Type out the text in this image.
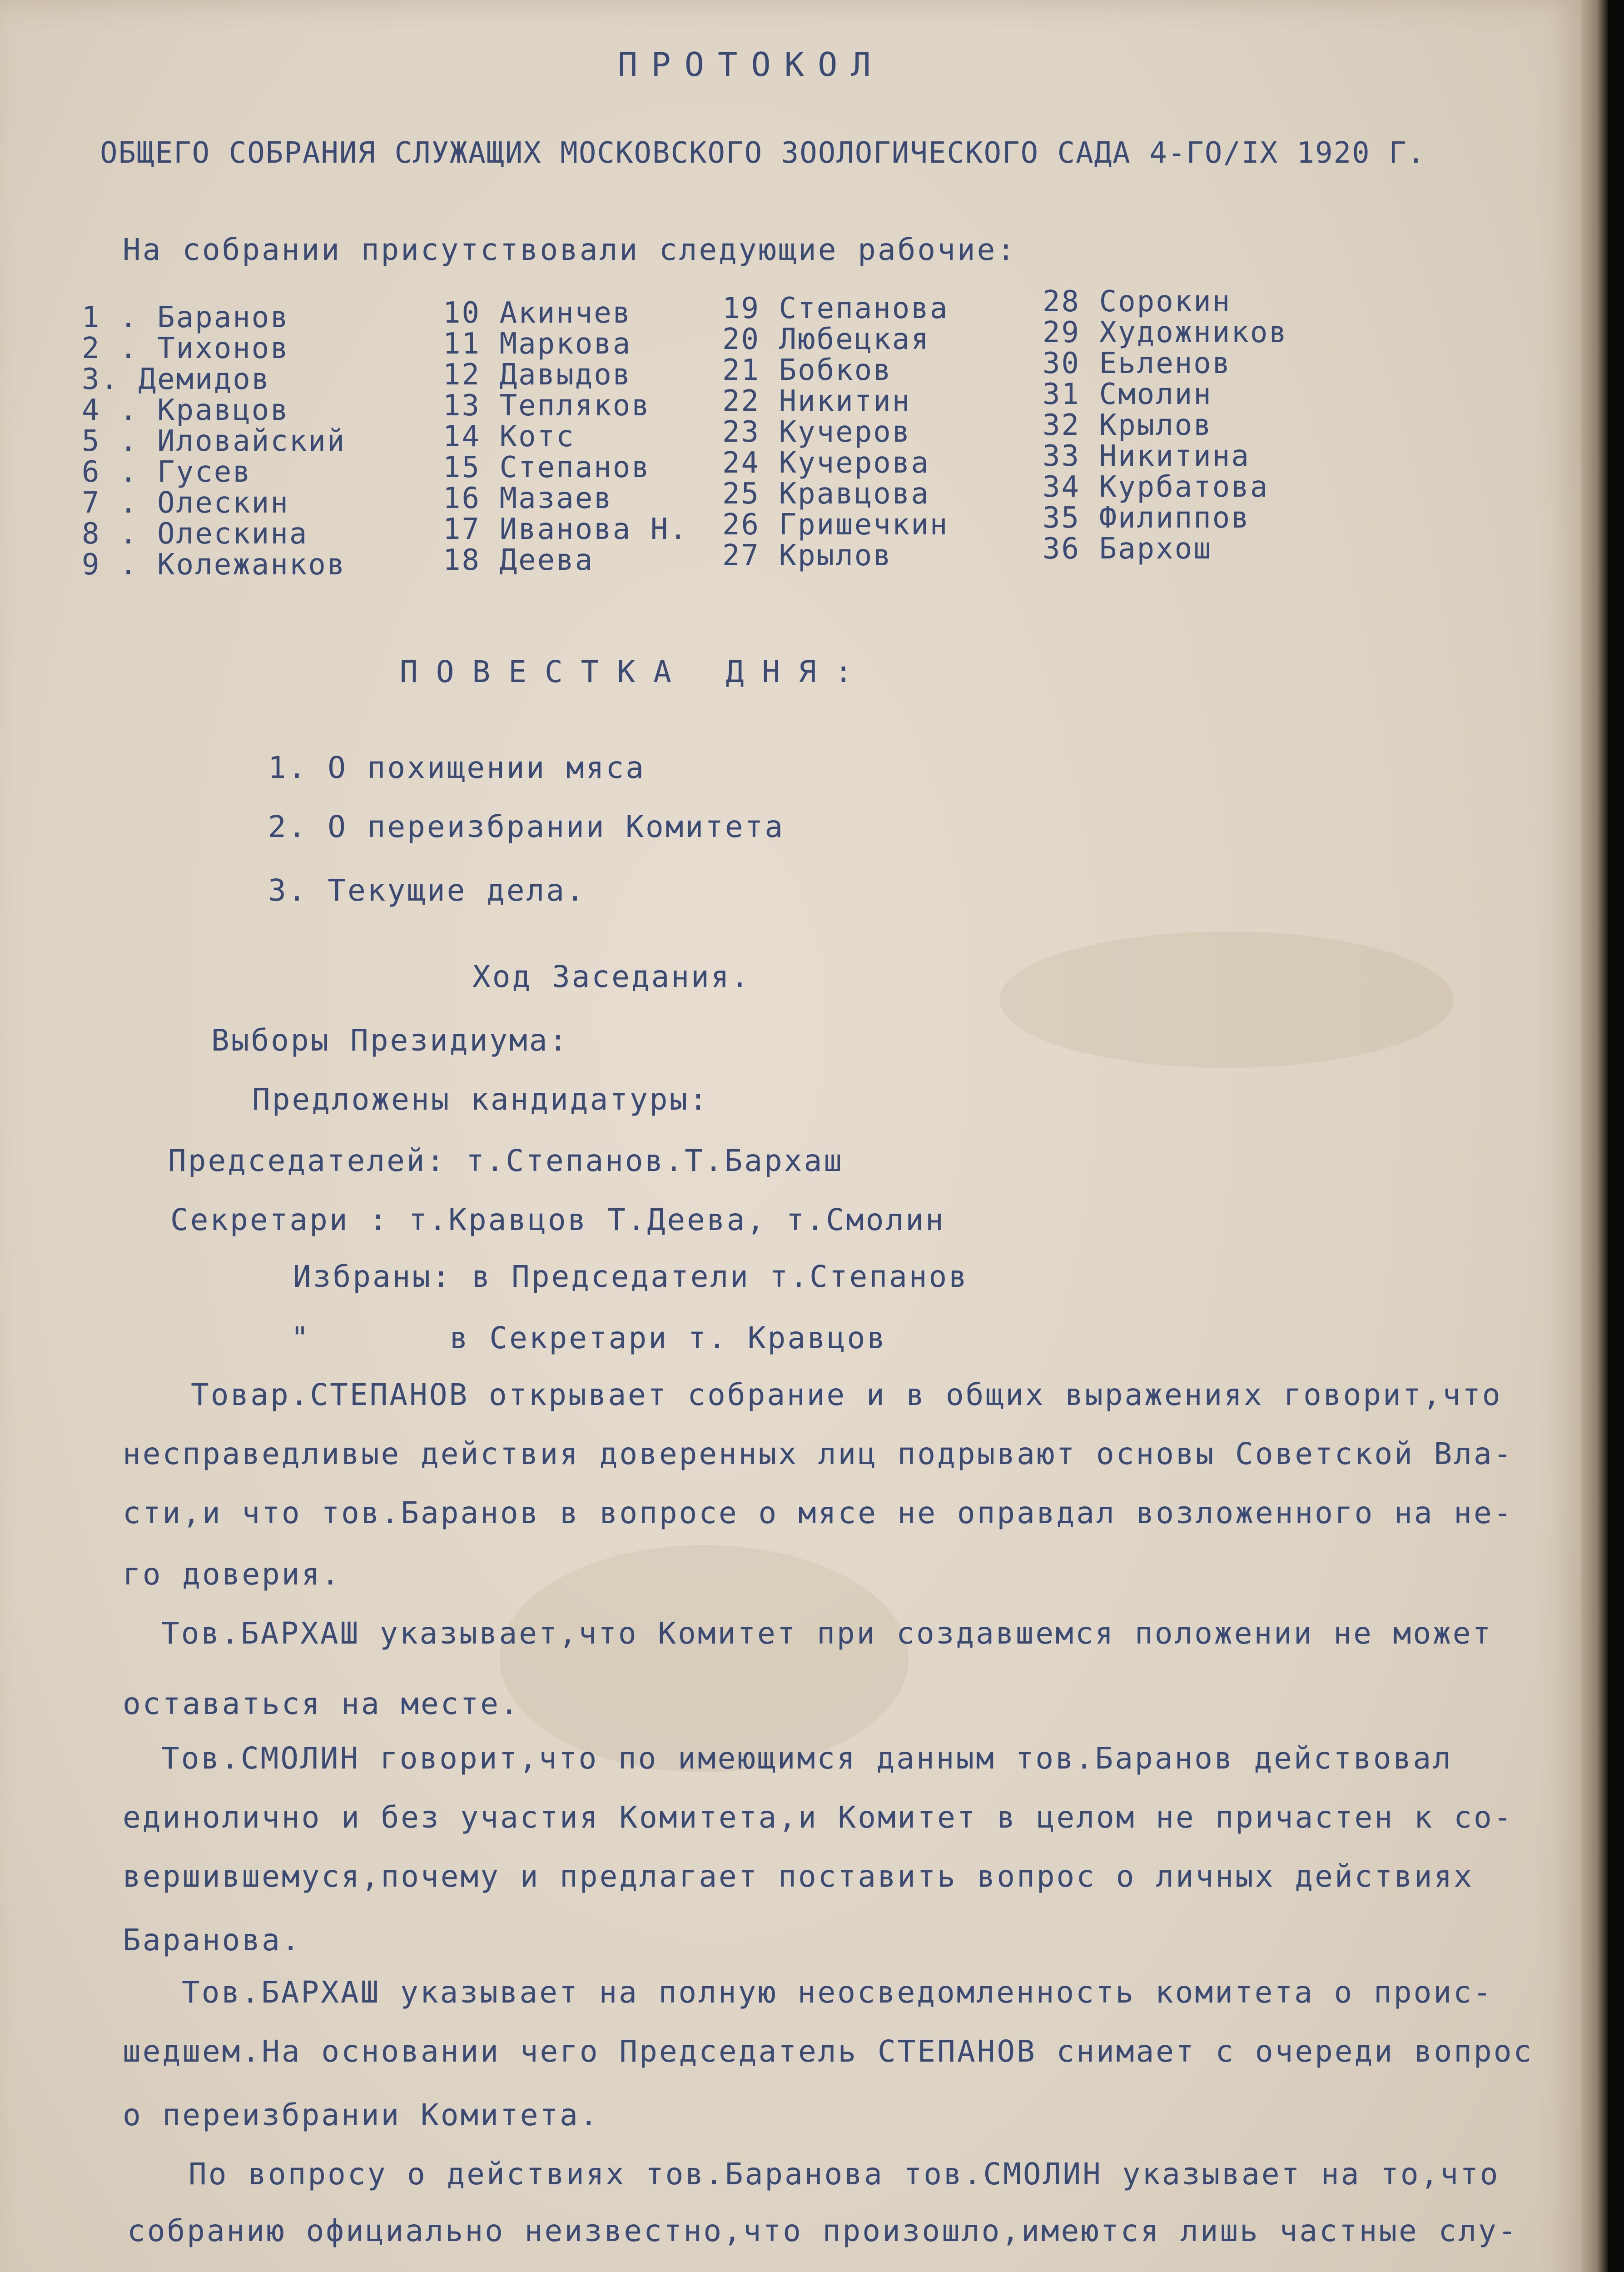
ПРОТОКОЛ
ОБЩЕГО СОБРАНИЯ СЛУЖАЩИХ МОСКОВСКОГО ЗООЛОГИЧЕСКОГО САДА 4-ГО/IX 1920 Г.
На собрании присутствовали следующие рабочие:
1 . Баранов
2 . Тихонов
3. Демидов
4 . Кравцов
5 . Иловайский
6 . Гусев
7 . Олескин
8 . Олескина
9 . Колежанков
10 Акинчев
11 Маркова
12 Давыдов
13 Тепляков
14 Котс
15 Степанов
16 Мазаев
17 Иванова Н.
18 Деева
19 Степанова
20 Любецкая
21 Бобков
22 Никитин
23 Кучеров
24 Кучерова
25 Кравцова
26 Гришечкин
27 Крылов
28 Сорокин
29 Художников
30 Еьленов
31 Смолин
32 Крылов
33 Никитина
34 Курбатова
35 Филиппов
36 Бархош
ПОВЕСТКА ДНЯ:
1. О похищении мяса
2. О переизбрании Комитета
3. Текущие дела.
Ход Заседания.
Выборы Президиума:
Предложены кандидатуры:
Председателей: т.Степанов.Т.Бархаш
Секретари : т.Кравцов Т.Деева, т.Смолин
Избраны: в Председатели т.Степанов
"       в Секретари т. Кравцов
Товар.СТЕПАНОВ открывает собрание и в общих выражениях говорит,что
несправедливые действия доверенных лиц подрывают основы Советской Вла-
сти,и что тов.Баранов в вопросе о мясе не оправдал возложенного на не-
го доверия.
Тов.БАРХАШ указывает,что Комитет при создавшемся положении не может
оставаться на месте.
Тов.СМОЛИН говорит,что по имеющимся данным тов.Баранов действовал
единолично и без участия Комитета,и Комитет в целом не причастен к со-
вершившемуся,почему и предлагает поставить вопрос о личных действиях
Баранова.
Тов.БАРХАШ указывает на полную неосведомленность комитета о проис-
шедшем.На основании чего Председатель СТЕПАНОВ снимает с очереди вопрос
о переизбрании Комитета.
По вопросу о действиях тов.Баранова тов.СМОЛИН указывает на то,что
собранию официально неизвестно,что произошло,имеются лишь частные слу-
